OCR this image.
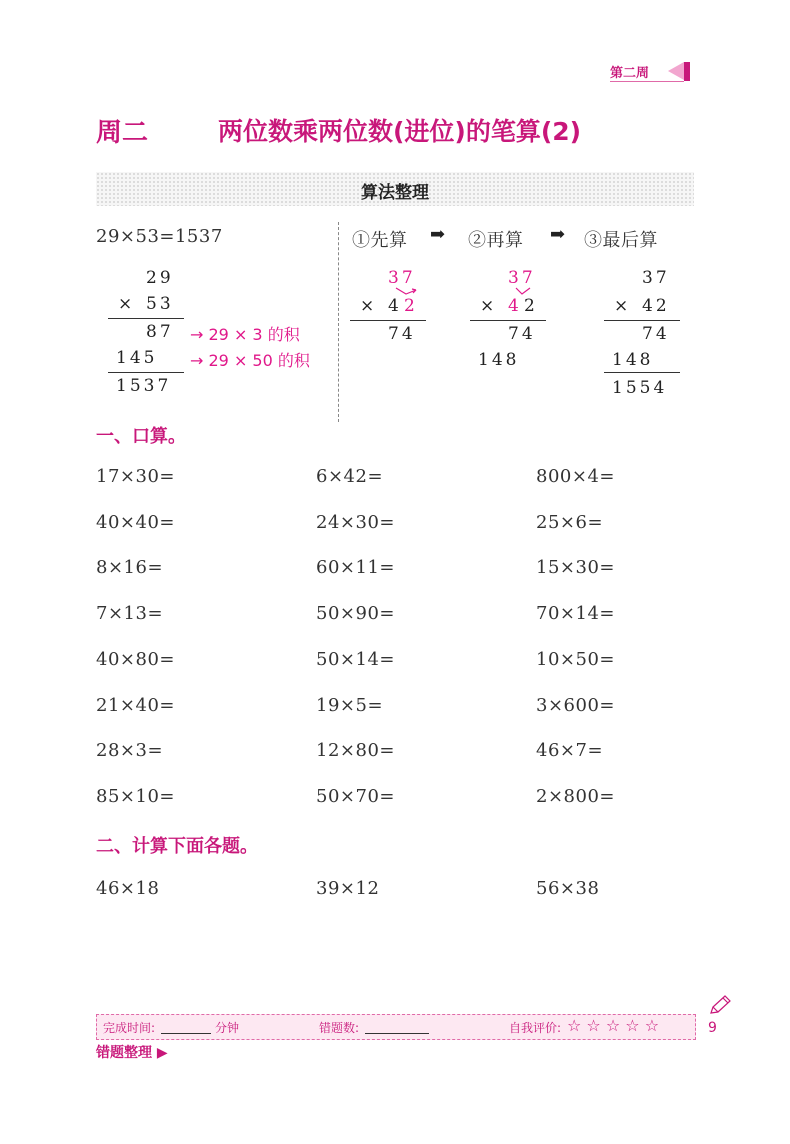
第二周
周二	两位数乘两位数(进位)的笔算(2)
算法整理
29×53=1537
29
× 53
87
145
1537
→ 29 × 3 的积
→ 29 × 50 的积
①先算 ➡ ②再算 ➡ ③最后算
37
× 4 2
74
37
× 4 2
74
148
37
× 42
74
148
1554
一、口算。
17×30=	6×42=	800×4=
40×40=	24×30=	25×6=
8×16=	60×11=	15×30=
7×13=	50×90=	70×14=
40×80=	50×14=	10×50=
21×40=	19×5=	3×600=
28×3=	12×80=	46×7=
85×10=	50×70=	2×800=
二、计算下面各题。
46×18	39×12	56×38
完成时间:	分钟	错题数:	自我评价: ☆ ☆ ☆ ☆ ☆	9
错题整理 ▶
